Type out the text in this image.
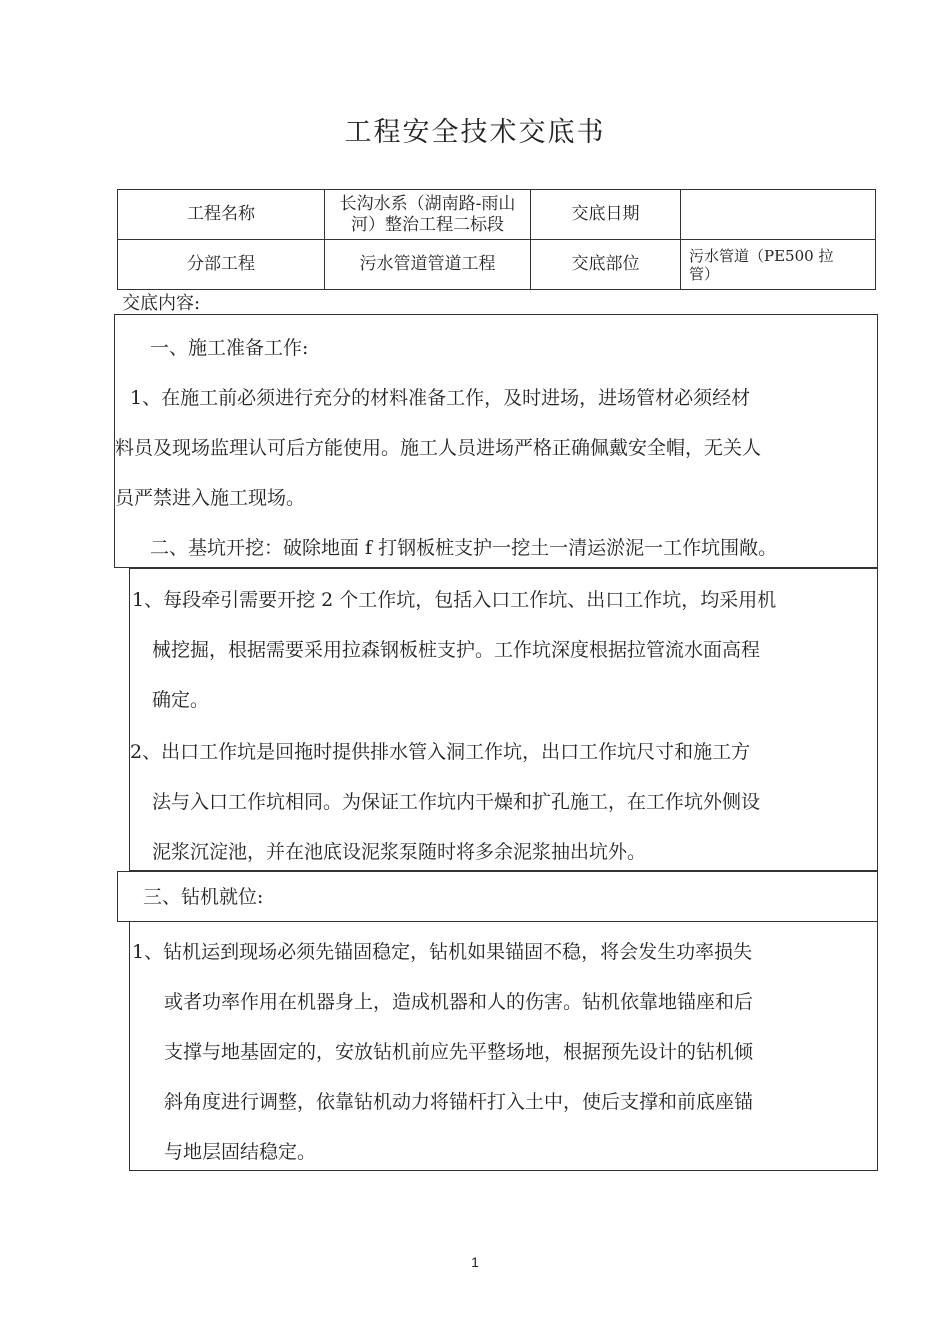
工程安全技术交底书
工程名称	长沟水系（湖南路-雨山
河）整治工程二标段	交底日期	
分部工程	污水管道管道工程	交底部位	污水管道（PE500 拉
管）
交底内容:
一、施工准备工作:
1、在施工前必须进行充分的材料准备工作，及时进场，进场管材必须经材
料员及现场监理认可后方能使用。施工人员进场严格正确佩戴安全帽，无关人
员严禁进入施工现场。
二、基坑开挖：破除地面 f 打钢板桩支护一挖土一清运淤泥一工作坑围敞。
1、每段牵引需要开挖 2 个工作坑，包括入口工作坑、出口工作坑，均采用机
械挖掘，根据需要采用拉森钢板桩支护。工作坑深度根据拉管流水面高程
确定。
2、出口工作坑是回拖时提供排水管入洞工作坑，出口工作坑尺寸和施工方
法与入口工作坑相同。为保证工作坑内干燥和扩孔施工，在工作坑外侧设
泥浆沉淀池，并在池底设泥浆泵随时将多余泥浆抽出坑外。
三、钻机就位:
1、钻机运到现场必须先锚固稳定，钻机如果锚固不稳，将会发生功率损失
或者功率作用在机器身上，造成机器和人的伤害。钻机依靠地锚座和后
支撑与地基固定的，安放钻机前应先平整场地，根据预先设计的钻机倾
斜角度进行调整，依靠钻机动力将锚杆打入土中，使后支撑和前底座锚
与地层固结稳定。
1
